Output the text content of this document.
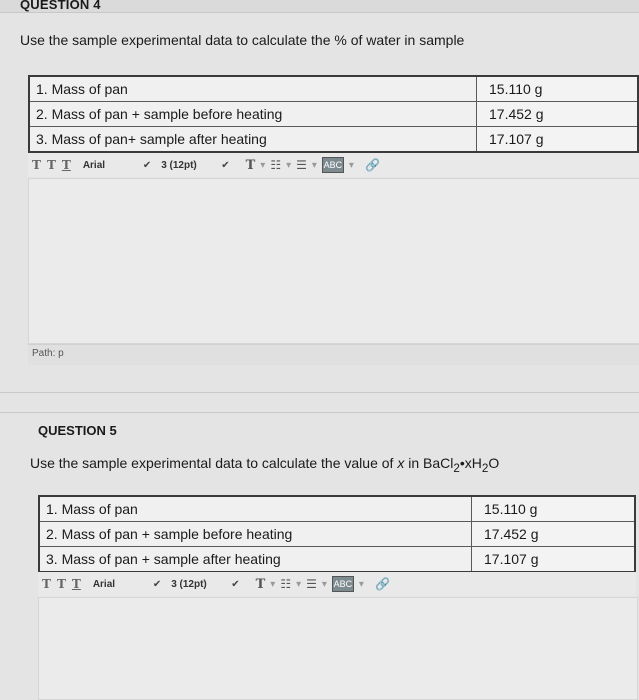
QUESTION 4
Use the sample experimental data to calculate the % of water in sample
1. Mass of pan	15.110 g
2. Mass of pan + sample before heating	17.452 g
3. Mass of pan+ sample after heating	17.107 g
T T T Arial	✔ 3 (12pt)	✔ T ▾ ☷ ▾ ☰ ▾ ABC ▾ 🔗
Path: p
QUESTION 5
Use the sample experimental data to calculate the value of x in $BaCl_2•xH_2O$
1. Mass of pan	15.110 g
2. Mass of pan + sample before heating	17.452 g
3. Mass of pan + sample after heating	17.107 g
T T T Arial	✔ 3 (12pt)	✔ T ▾ ☷ ▾ ☰ ▾ ABC ▾ 🔗
